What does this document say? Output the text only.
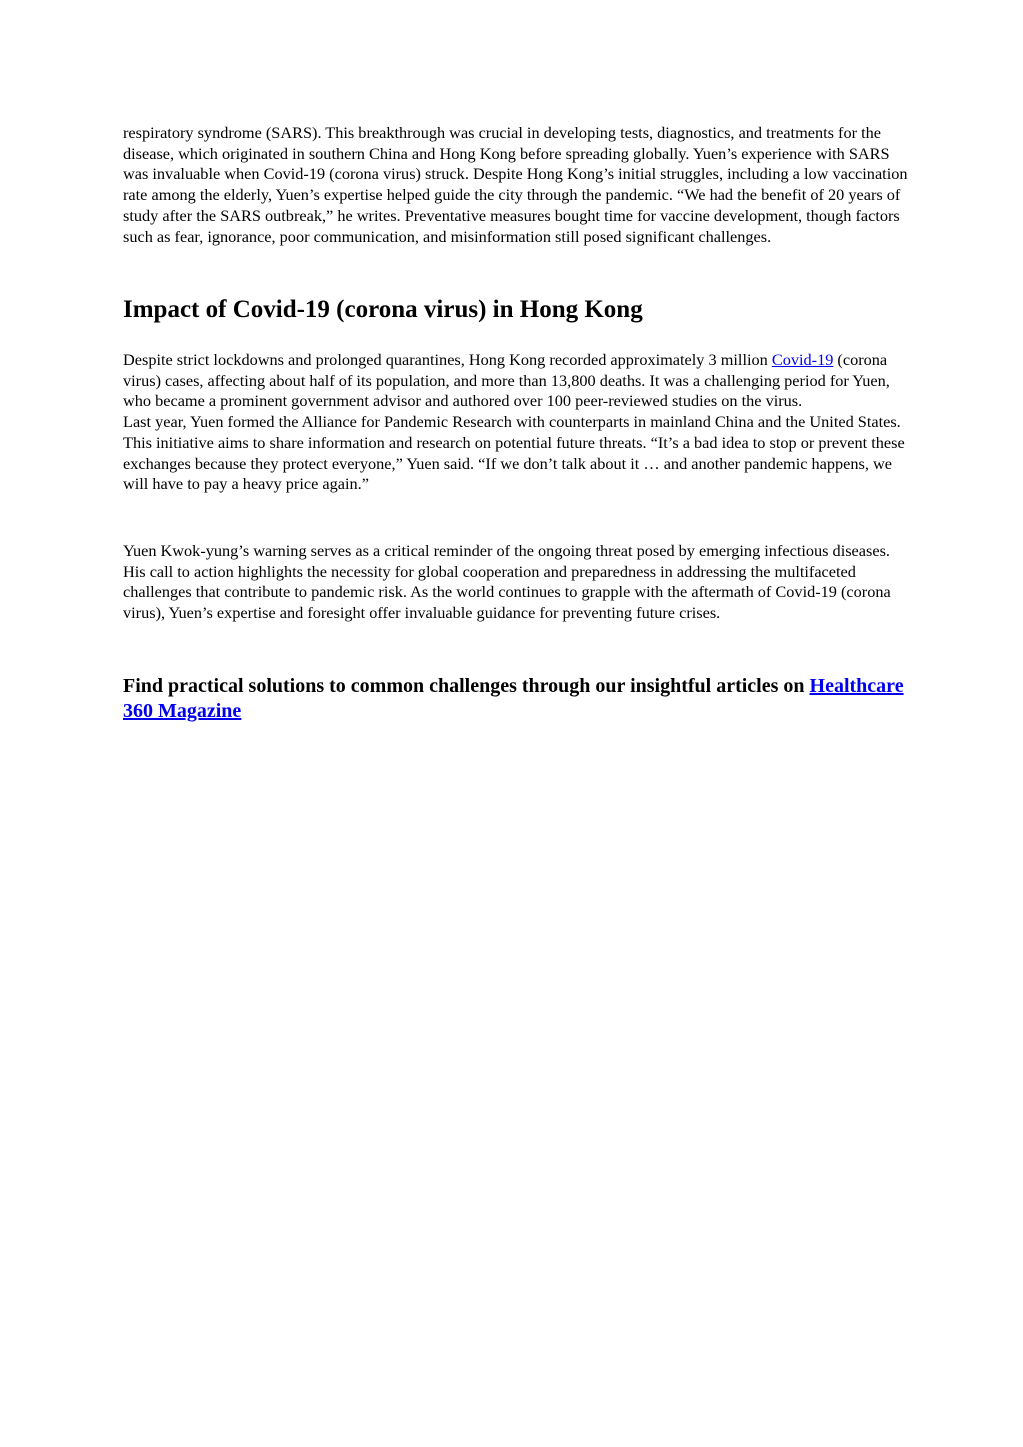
respiratory syndrome (SARS). This breakthrough was crucial in developing tests, diagnostics, and treatments for the disease, which originated in southern China and Hong Kong before spreading globally. Yuen’s experience with SARS was invaluable when Covid-19 (corona virus) struck. Despite Hong Kong’s initial struggles, including a low vaccination rate among the elderly, Yuen’s expertise helped guide the city through the pandemic. “We had the benefit of 20 years of study after the SARS outbreak,” he writes. Preventative measures bought time for vaccine development, though factors such as fear, ignorance, poor communication, and misinformation still posed significant challenges.

Impact of Covid-19 (corona virus) in Hong Kong

Despite strict lockdowns and prolonged quarantines, Hong Kong recorded approximately 3 million Covid-19 (corona virus) cases, affecting about half of its population, and more than 13,800 deaths. It was a challenging period for Yuen, who became a prominent government advisor and authored over 100 peer-reviewed studies on the virus.
Last year, Yuen formed the Alliance for Pandemic Research with counterparts in mainland China and the United States. This initiative aims to share information and research on potential future threats. “It’s a bad idea to stop or prevent these exchanges because they protect everyone,” Yuen said. “If we don’t talk about it … and another pandemic happens, we will have to pay a heavy price again.”

Yuen Kwok-yung’s warning serves as a critical reminder of the ongoing threat posed by emerging infectious diseases. His call to action highlights the necessity for global cooperation and preparedness in addressing the multifaceted challenges that contribute to pandemic risk. As the world continues to grapple with the aftermath of Covid-19 (corona virus), Yuen’s expertise and foresight offer invaluable guidance for preventing future crises.

Find practical solutions to common challenges through our insightful articles on Healthcare 360 Magazine
